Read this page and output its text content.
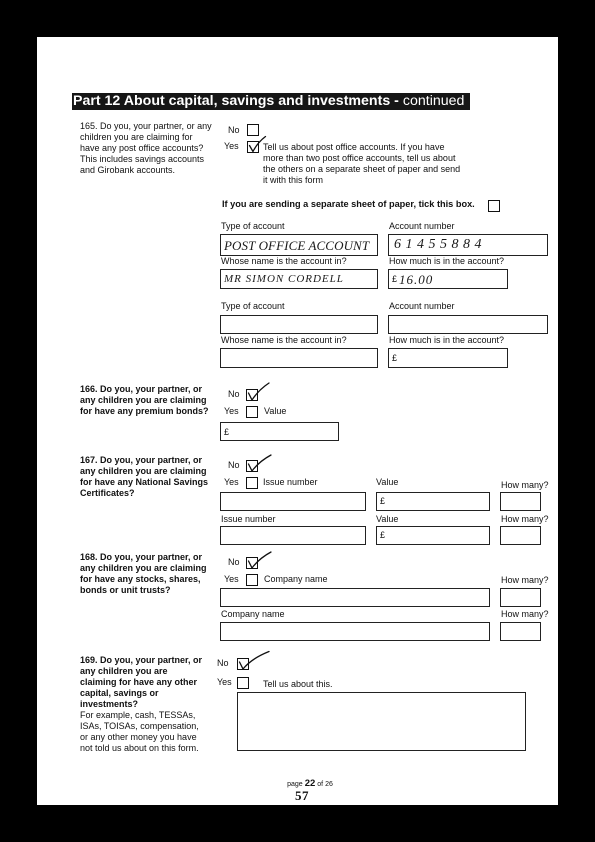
Part 12 About capital, savings and investments - continued
165. Do you, your partner, or any
children you are claiming for
have any post office accounts?
This includes savings accounts
and Girobank accounts.
No
Yes	Tell us about post office accounts. If you have
more than two post office accounts, tell us about
the others on a separate sheet of paper and send
it with this form
If you are sending a separate sheet of paper, tick this box.
Type of account	Account number
POST OFFICE ACCOUNT 61455884
Whose name is the account in?	How much is in the account?
MR SIMON CORDELL	£ 16.00
Type of account	Account number
Whose name is the account in?	How much is in the account?
£
166. Do you, your partner, or
any children you are claiming
for have any premium bonds?
No
Yes	Value
£
167. Do you, your partner, or
any children you are claiming
for have any National Savings
Certificates?
No
Yes	Issue number	Value	How many?
£
Issue number	Value	How many?
£
168. Do you, your partner, or
any children you are claiming
for have any stocks, shares,
bonds or unit trusts?
No
Yes	Company name	How many?
Company name	How many?
169. Do you, your partner, or
any children you are
claiming for have any other
capital, savings or
investments?
For example, cash, TESSAs,
ISAs, TOISAs, compensation,
or any other money you have
not told us about on this form.
No
Yes	Tell us about this.
page 22 of 26
57
